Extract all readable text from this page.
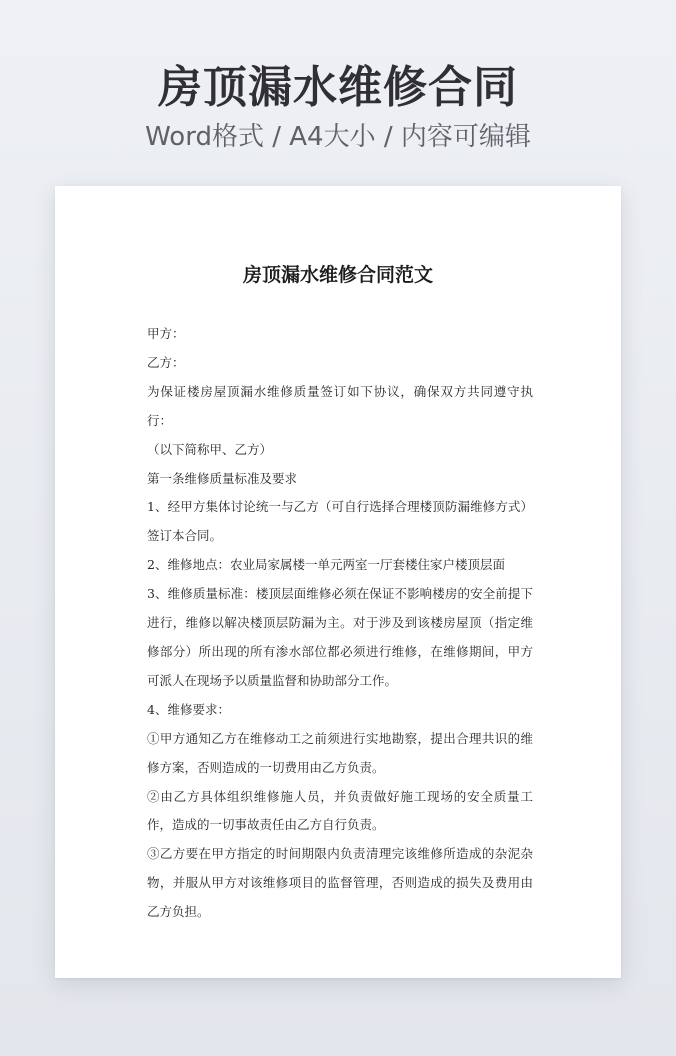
房顶漏水维修合同
Word格式 / A4大小 / 内容可编辑
房顶漏水维修合同范文

甲方：

乙方：

为保证楼房屋顶漏水维修质量签订如下协议，确保双方共同遵守执行：

（以下简称甲、乙方）

第一条维修质量标准及要求

1、经甲方集体讨论统一与乙方（可自行选择合理楼顶防漏维修方式）签订本合同。

2、维修地点：农业局家属楼一单元两室一厅套楼住家户楼顶层面

3、维修质量标准：楼顶层面维修必须在保证不影响楼房的安全前提下进行，维修以解决楼顶层防漏为主。对于涉及到该楼房屋顶（指定维修部分）所出现的所有渗水部位都必须进行维修，在维修期间，甲方可派人在现场予以质量监督和协助部分工作。

4、维修要求：

①甲方通知乙方在维修动工之前须进行实地勘察，提出合理共识的维修方案，否则造成的一切费用由乙方负责。

②由乙方具体组织维修施人员，并负责做好施工现场的安全质量工作，造成的一切事故责任由乙方自行负责。

③乙方要在甲方指定的时间期限内负责清理完该维修所造成的杂泥杂物，并服从甲方对该维修项目的监督管理，否则造成的损失及费用由乙方负担。
